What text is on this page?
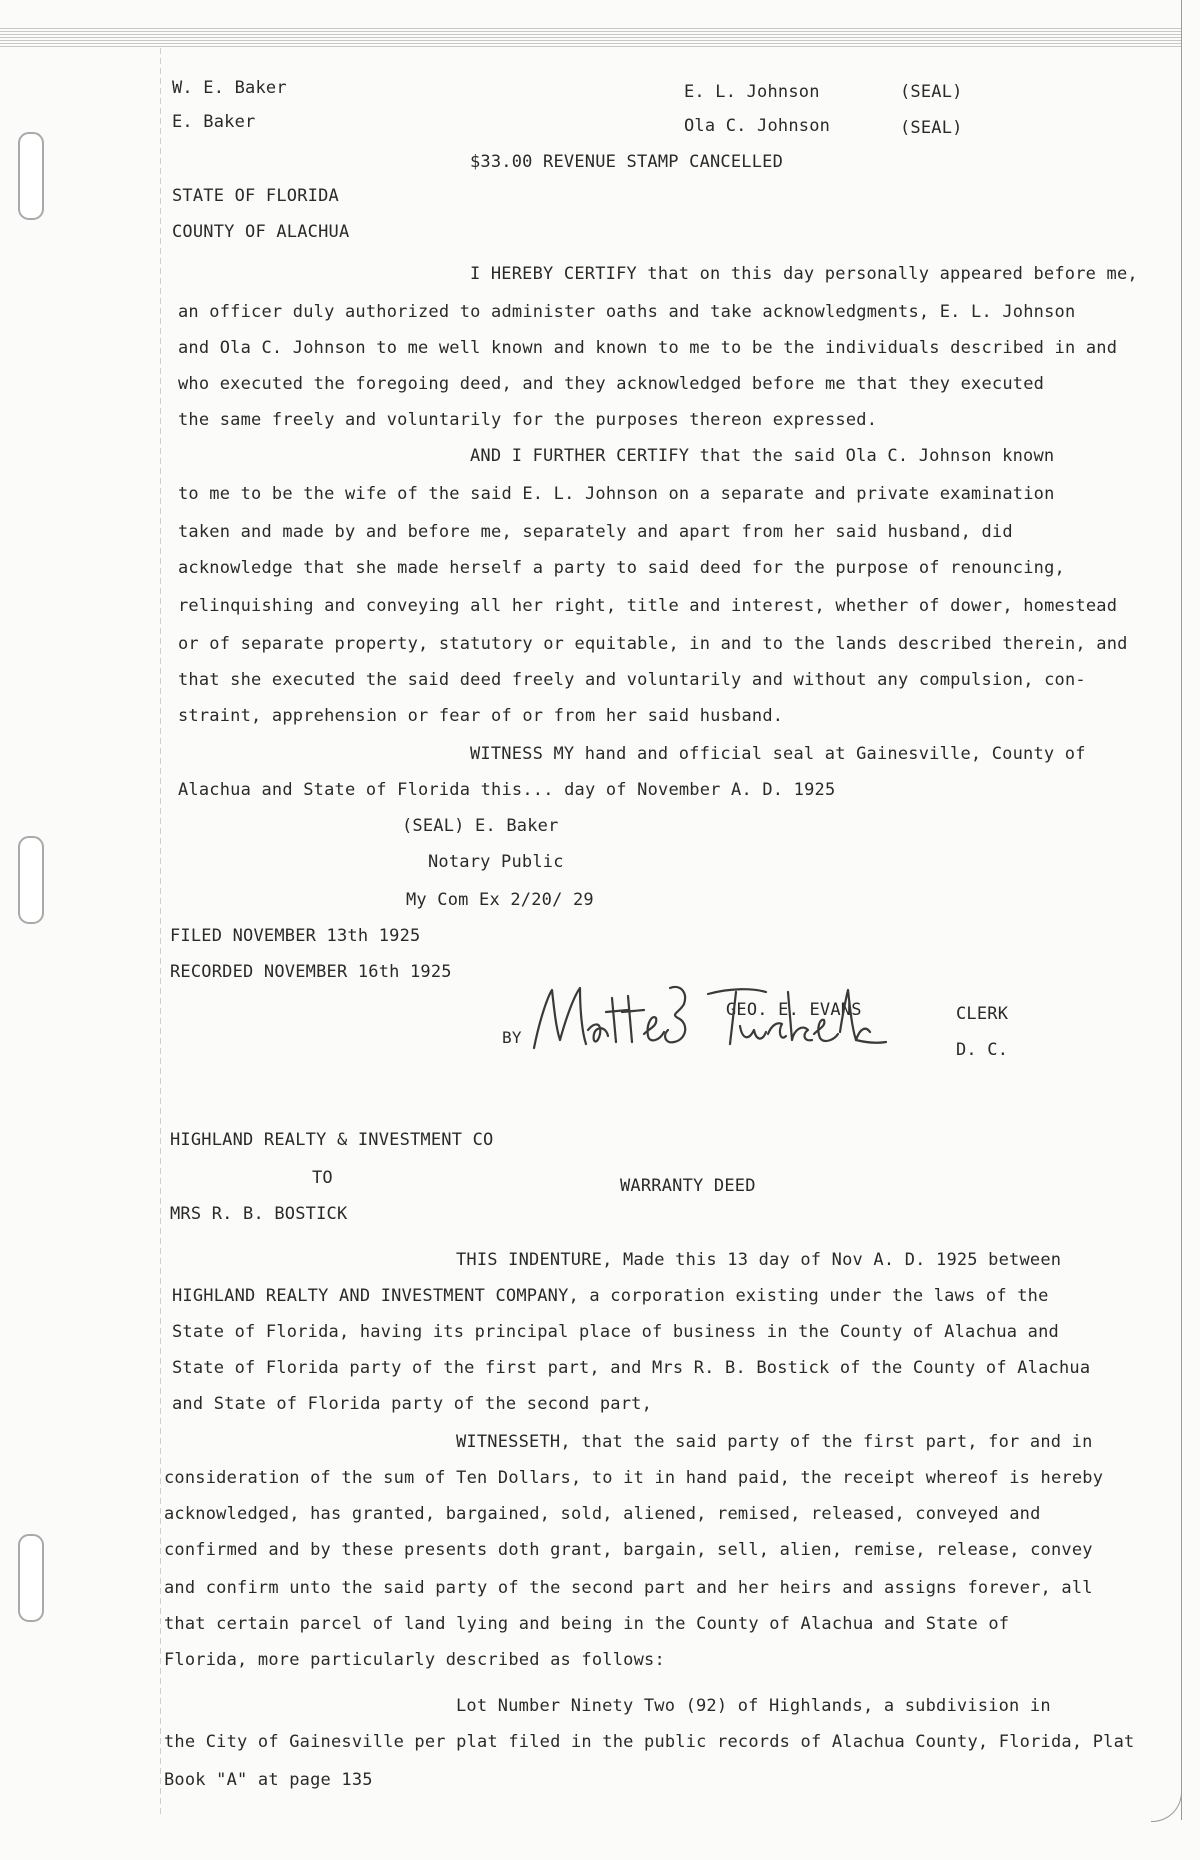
W. E. Baker
E. Baker
E. L. Johnson
Ola C. Johnson
(SEAL)
(SEAL)
$33.00 REVENUE STAMP CANCELLED
STATE OF FLORIDA
COUNTY OF ALACHUA
I HEREBY CERTIFY that on this day personally appeared before me,
an officer duly authorized to administer oaths and take acknowledgments, E. L. Johnson
and Ola C. Johnson to me well known and known to me to be the individuals described in and
who executed the foregoing deed, and they acknowledged before me that they executed
the same freely and voluntarily for the purposes thereon expressed.
AND I FURTHER CERTIFY that the said Ola C. Johnson known
to me to be the wife of the said E. L. Johnson on a separate and private examination
taken and made by and before me, separately and apart from her said husband, did
acknowledge that she made herself a party to said deed for the purpose of renouncing,
relinquishing and conveying all her right, title and interest, whether of dower, homestead
or of separate property, statutory or equitable, in and to the lands described therein, and
that she executed the said deed freely and voluntarily and without any compulsion, con-
straint, apprehension or fear of or from her said husband.
WITNESS MY hand and official seal at Gainesville, County of
Alachua and State of Florida this... day of November A. D. 1925
(SEAL) E. Baker
Notary Public
My Com Ex 2/20/ 29
FILED NOVEMBER 13th 1925
RECORDED NOVEMBER 16th 1925
GEO. E. EVANS	CLERK
D. C.
BY
HIGHLAND REALTY & INVESTMENT CO
TO	WARRANTY DEED
MRS R. B. BOSTICK
THIS INDENTURE, Made this 13 day of Nov A. D. 1925 between
HIGHLAND REALTY AND INVESTMENT COMPANY, a corporation existing under the laws of the
State of Florida, having its principal place of business in the County of Alachua and
State of Florida party of the first part, and Mrs R. B. Bostick of the County of Alachua
and State of Florida party of the second part,
WITNESSETH, that the said party of the first part, for and in
consideration of the sum of Ten Dollars, to it in hand paid, the receipt whereof is hereby
acknowledged, has granted, bargained, sold, aliened, remised, released, conveyed and
confirmed and by these presents doth grant, bargain, sell, alien, remise, release, convey
and confirm unto the said party of the second part and her heirs and assigns forever, all
that certain parcel of land lying and being in the County of Alachua and State of
Florida, more particularly described as follows:
Lot Number Ninety Two (92) of Highlands, a subdivision in
the City of Gainesville per plat filed in the public records of Alachua County, Florida, Plat
Book "A" at page 135
